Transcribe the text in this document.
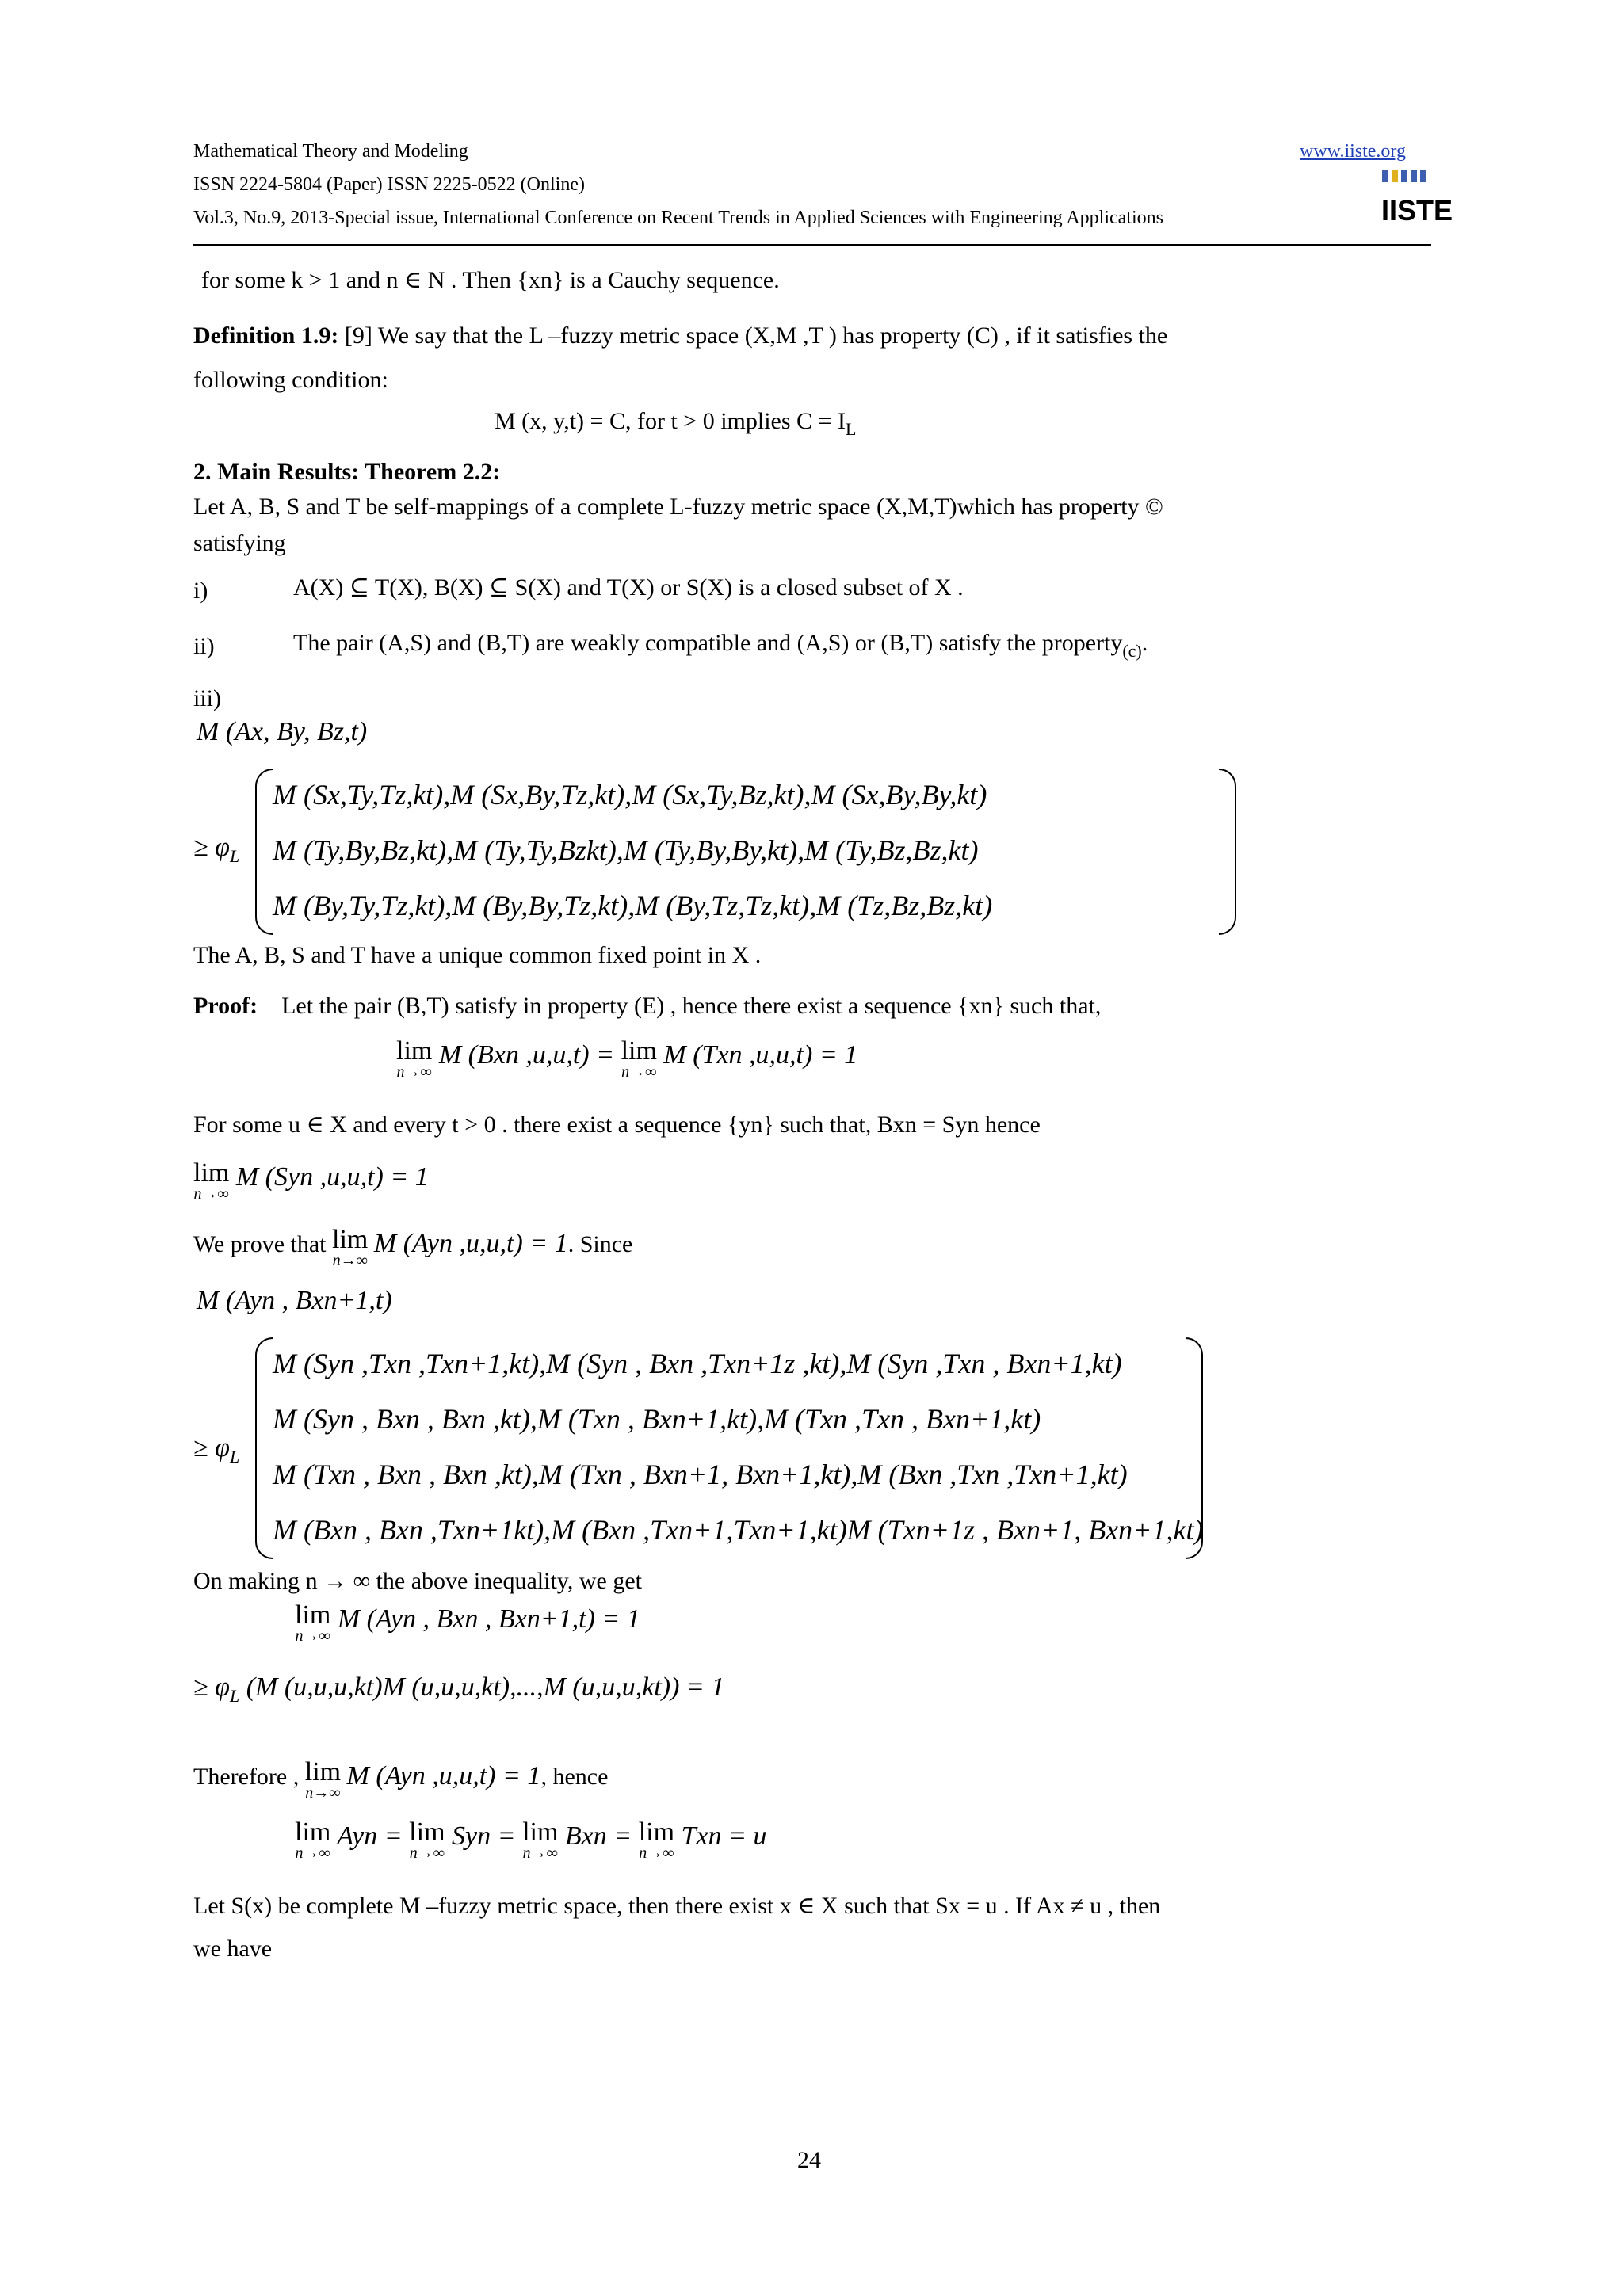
Mathematical Theory and Modeling
ISSN 2224-5804 (Paper) ISSN 2225-0522 (Online)
Vol.3, No.9, 2013-Special issue, International Conference on Recent Trends in Applied Sciences with Engineering Applications
www.iiste.org
IISTE
for some k > 1 and n ∈ N . Then {xn} is a Cauchy sequence.
Definition 1.9: [9] We say that the L –fuzzy metric space (X,M ,T ) has property (C) , if it satisfies the
following condition:
M (x, y,t) = C, for t > 0 implies $C = I_L$
2. Main Results: Theorem 2.2:
Let A, B, S and T be self-mappings of a complete L-fuzzy metric space (X,M,T)which has property ©
satisfying
i)	A(X) ⊆ T(X), B(X) ⊆ S(X) and T(X) or S(X) is a closed subset of X .
ii)	The pair (A,S) and (B,T) are weakly compatible and (A,S) or (B,T) satisfy the property$_{(c)}$.
iii)
M (Ax, By, Bz,t)
≥ $\varphi_L$
M (Sx,Ty,Tz,kt),M (Sx,By,Tz,kt),M (Sx,Ty,Bz,kt),M (Sx,By,By,kt)
M (Ty,By,Bz,kt),M (Ty,Ty,Bzkt),M (Ty,By,By,kt),M (Ty,Bz,Bz,kt)
M (By,Ty,Tz,kt),M (By,By,Tz,kt),M (By,Tz,Tz,kt),M (Tz,Bz,Bz,kt)
The A, B, S and T have a unique common fixed point in X .
Proof: Let the pair (B,T) satisfy in property (E) , hence there exist a sequence {xn} such that,
lim
n→∞
M (Bxn ,u,u,t) = lim
n→∞
M (Txn ,u,u,t) = 1
For some u ∈ X and every t > 0 . there exist a sequence {yn} such that, Bxn = Syn hence
lim
n→∞
M (Syn ,u,u,t) = 1
We prove that lim
n→∞
M (Ayn ,u,u,t) = 1. Since
M (Ayn , Bxn+1,t)
≥ $\varphi_L$
M (Syn ,Txn ,Txn+1,kt),M (Syn , Bxn ,Txn+1z ,kt),M (Syn ,Txn , Bxn+1,kt)
M (Syn , Bxn , Bxn ,kt),M (Txn , Bxn+1,kt),M (Txn ,Txn , Bxn+1,kt)
M (Txn , Bxn , Bxn ,kt),M (Txn , Bxn+1, Bxn+1,kt),M (Bxn ,Txn ,Txn+1,kt)
M (Bxn , Bxn ,Txn+1kt),M (Bxn ,Txn+1,Txn+1,kt)M (Txn+1z , Bxn+1, Bxn+1,kt)
On making n → ∞ the above inequality, we get
lim
n→∞
M (Ayn , Bxn , Bxn+1,t) = 1
≥ $\varphi_L$ (M (u,u,u,kt)M (u,u,u,kt),...,M (u,u,u,kt)) = 1
Therefore , lim
n→∞
M (Ayn ,u,u,t) = 1, hence
lim
n→∞
Ayn = lim
n→∞
Syn = lim
n→∞
Bxn = lim
n→∞
Txn = u
Let S(x) be complete M –fuzzy metric space, then there exist x ∈ X such that Sx = u . If Ax ≠ u , then
we have
24
